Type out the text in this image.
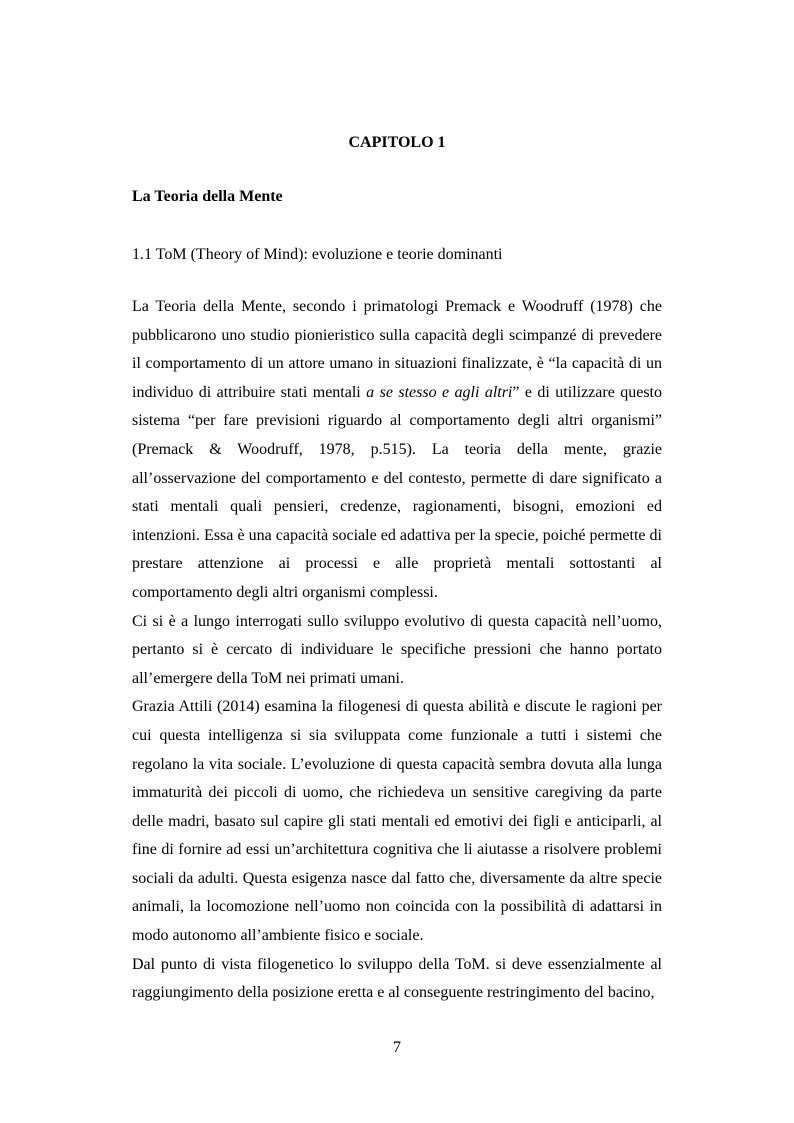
CAPITOLO 1
La Teoria della Mente
1.1 ToM (Theory of Mind): evoluzione e teorie dominanti

La Teoria della Mente, secondo i primatologi Premack e Woodruff (1978) che pubblicarono uno studio pionieristico sulla capacità degli scimpanzé di prevedere il comportamento di un attore umano in situazioni finalizzate, è “la capacità di un individuo di attribuire stati mentali a se stesso e agli altri” e di utilizzare questo sistema “per fare previsioni riguardo al comportamento degli altri organismi” (Premack & Woodruff, 1978, p.515). La teoria della mente, grazie all’osservazione del comportamento e del contesto, permette di dare significato a stati mentali quali pensieri, credenze, ragionamenti, bisogni, emozioni ed intenzioni. Essa è una capacità sociale ed adattiva per la specie, poiché permette di prestare attenzione ai processi e alle proprietà mentali sottostanti al comportamento degli altri organismi complessi.

Ci si è a lungo interrogati sullo sviluppo evolutivo di questa capacità nell’uomo, pertanto si è cercato di individuare le specifiche pressioni che hanno portato all’emergere della ToM nei primati umani.

Grazia Attili (2014) esamina la filogenesi di questa abilità e discute le ragioni per cui questa intelligenza si sia sviluppata come funzionale a tutti i sistemi che regolano la vita sociale. L’evoluzione di questa capacità sembra dovuta alla lunga immaturità dei piccoli di uomo, che richiedeva un sensitive caregiving da parte delle madri, basato sul capire gli stati mentali ed emotivi dei figli e anticiparli, al fine di fornire ad essi un’architettura cognitiva che li aiutasse a risolvere problemi sociali da adulti. Questa esigenza nasce dal fatto che, diversamente da altre specie animali, la locomozione nell’uomo non coincida con la possibilità di adattarsi in modo autonomo all’ambiente fisico e sociale.

Dal punto di vista filogenetico lo sviluppo della ToM. si deve essenzialmente al raggiungimento della posizione eretta e al conseguente restringimento del bacino,

7
